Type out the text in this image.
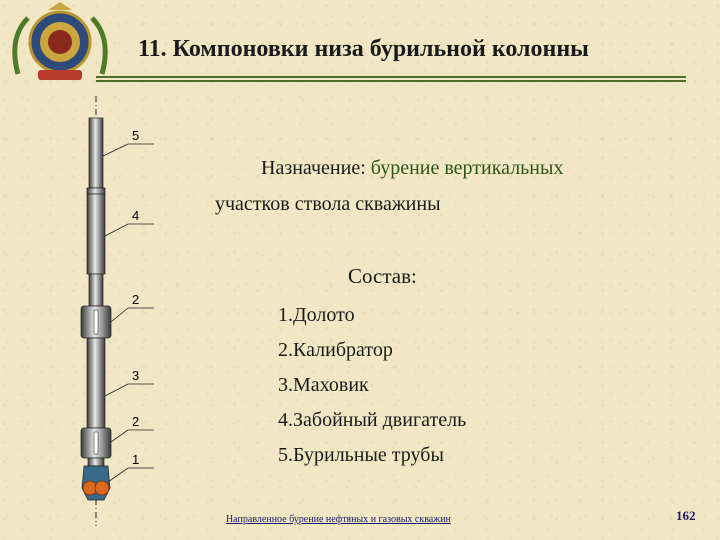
11. Компоновки низа бурильной колонны
5
4
2
3
2
1
Назначение: бурение вертикальных
участков ствола скважины
Состав:
1.Долото
2.Калибратор
3.Маховик
4.Забойный двигатель
5.Бурильные трубы
Направленное бурение нефтяных и газовых скважин	162
